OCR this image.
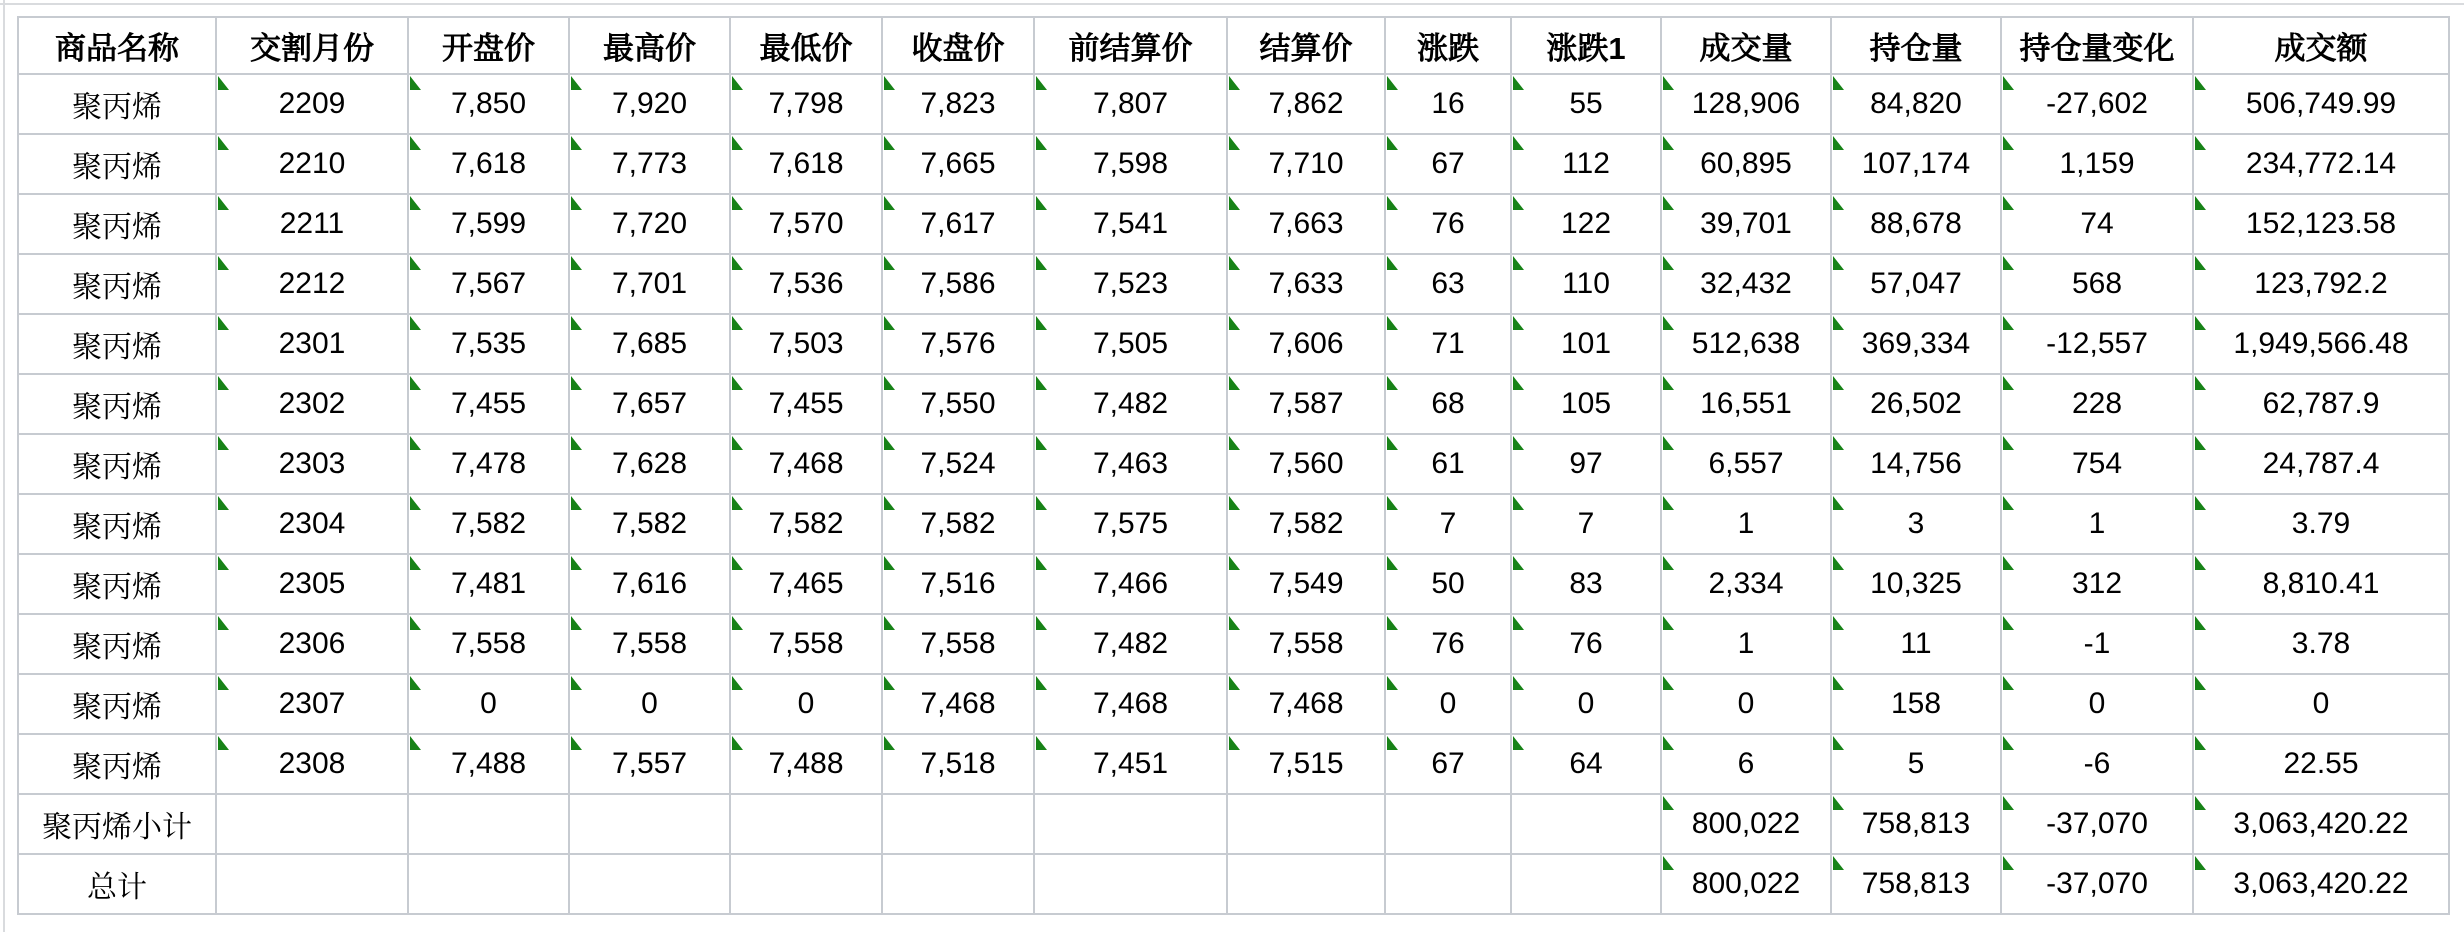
商品名称	交割月份	开盘价	最高价	最低价	收盘价	前结算价	结算价	涨跌	涨跌1	成交量	持仓量	持仓量变化	成交额
聚丙烯	2209	7,850	7,920	7,798	7,823	7,807	7,862	16	55	128,906	84,820	-27,602	506,749.99
聚丙烯	2210	7,618	7,773	7,618	7,665	7,598	7,710	67	112	60,895	107,174	1,159	234,772.14
聚丙烯	2211	7,599	7,720	7,570	7,617	7,541	7,663	76	122	39,701	88,678	74	152,123.58
聚丙烯	2212	7,567	7,701	7,536	7,586	7,523	7,633	63	110	32,432	57,047	568	123,792.2
聚丙烯	2301	7,535	7,685	7,503	7,576	7,505	7,606	71	101	512,638	369,334	-12,557	1,949,566.48
聚丙烯	2302	7,455	7,657	7,455	7,550	7,482	7,587	68	105	16,551	26,502	228	62,787.9
聚丙烯	2303	7,478	7,628	7,468	7,524	7,463	7,560	61	97	6,557	14,756	754	24,787.4
聚丙烯	2304	7,582	7,582	7,582	7,582	7,575	7,582	7	7	1	3	1	3.79
聚丙烯	2305	7,481	7,616	7,465	7,516	7,466	7,549	50	83	2,334	10,325	312	8,810.41
聚丙烯	2306	7,558	7,558	7,558	7,558	7,482	7,558	76	76	1	11	-1	3.78
聚丙烯	2307	0	0	0	7,468	7,468	7,468	0	0	0	158	0	0
聚丙烯	2308	7,488	7,557	7,488	7,518	7,451	7,515	67	64	6	5	-6	22.55
聚丙烯小计										800,022	758,813	-37,070	3,063,420.22
总计										800,022	758,813	-37,070	3,063,420.22
